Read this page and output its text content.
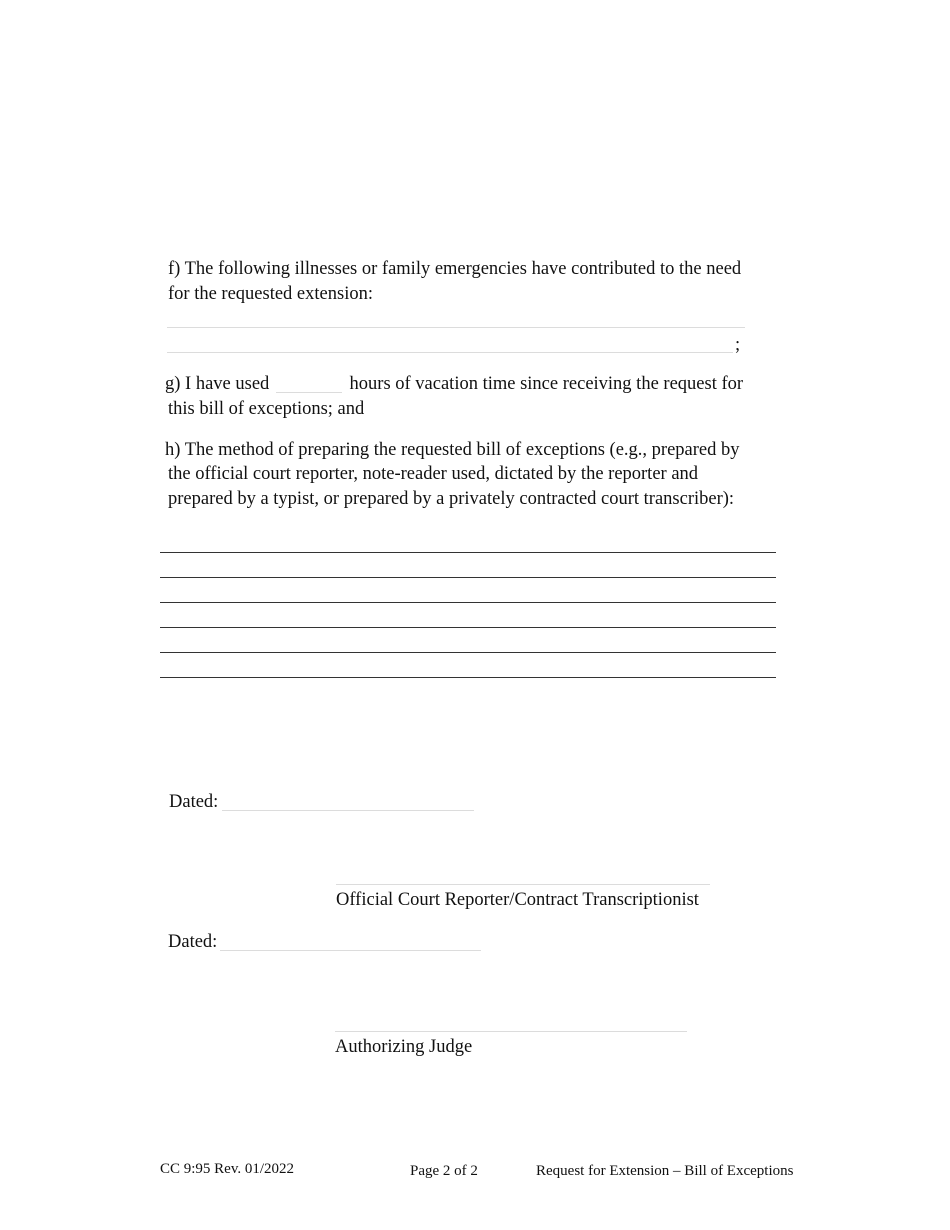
f) The following illnesses or family emergencies have contributed to the need
for the requested extension:
;
g) I have used	hours of vacation time since receiving the request for
this bill of exceptions; and
h) The method of preparing the requested bill of exceptions (e.g., prepared by
the official court reporter, note-reader used, dictated by the reporter and
prepared by a typist, or prepared by a privately contracted court transcriber):
Dated:
Official Court Reporter/Contract Transcriptionist
Dated:
Authorizing Judge
CC 9:95 Rev. 01/2022	Page 2 of 2	Request for Extension – Bill of Exceptions
